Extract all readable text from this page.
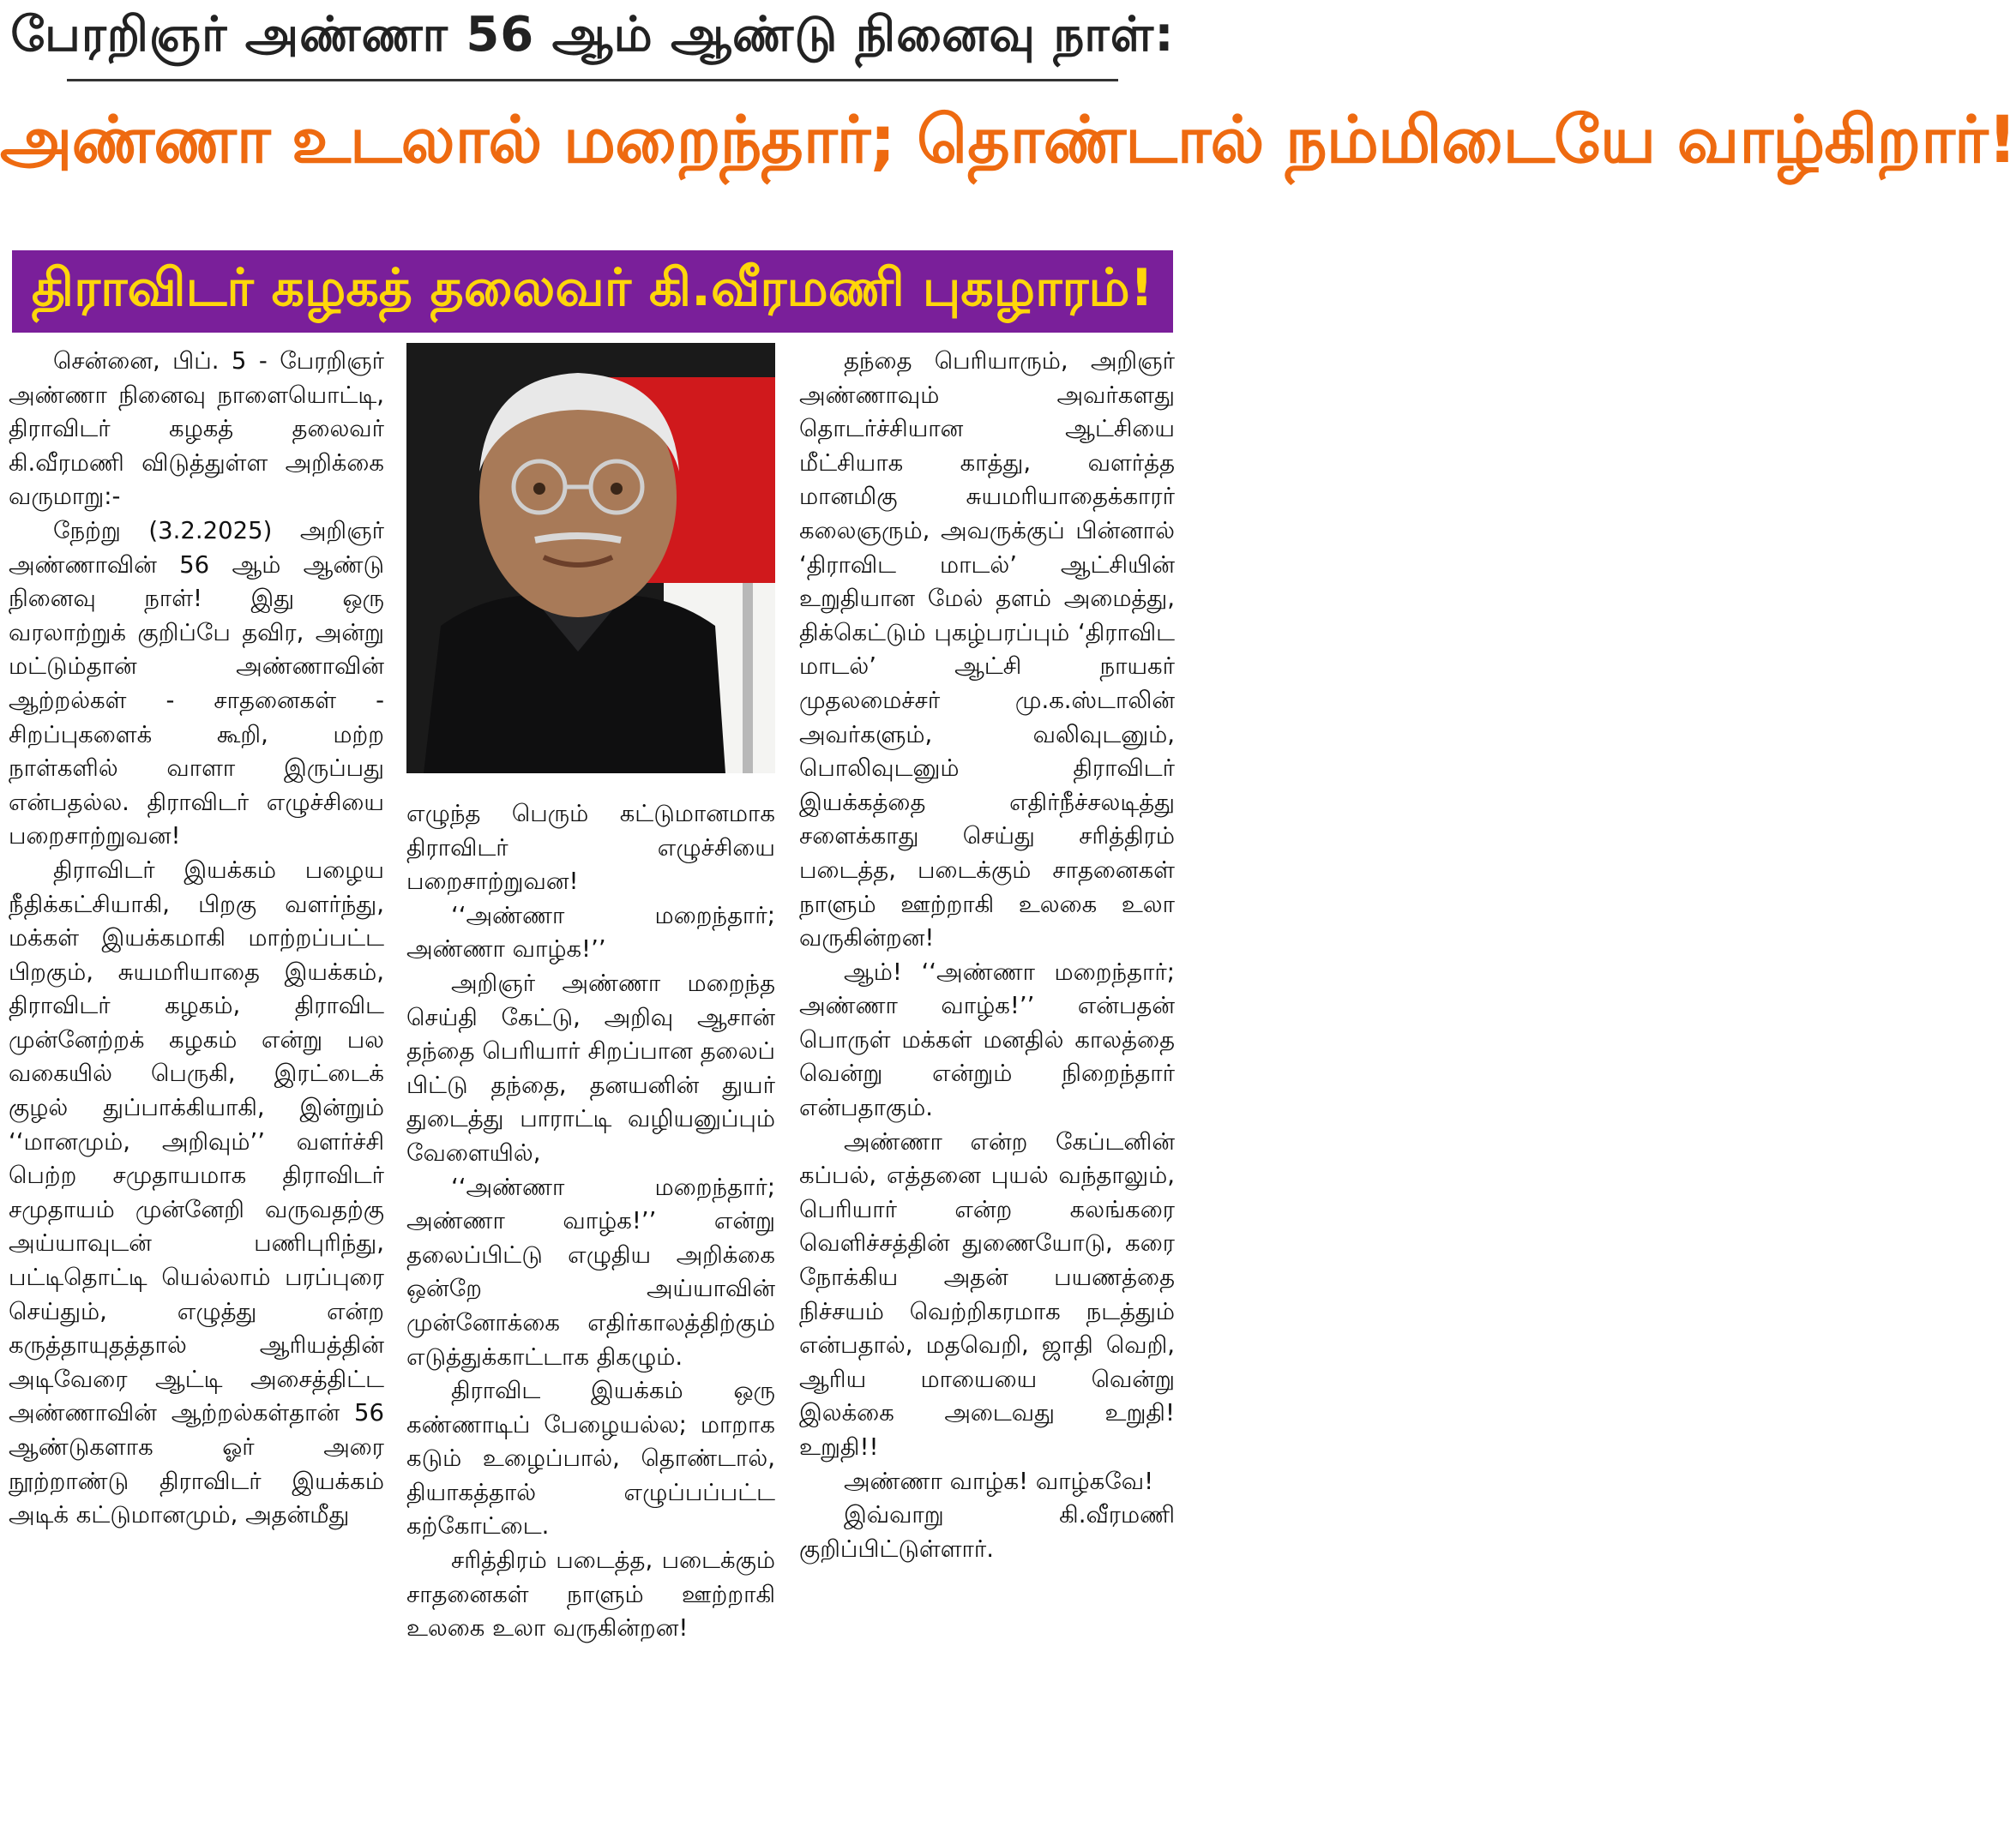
பேரறிஞர் அண்ணா 56 ஆம் ஆண்டு நினைவு நாள்:
அண்ணா உடலால் மறைந்தார்; தொண்டால் நம்மிடையே வாழ்கிறார்!
திராவிடர் கழகத் தலைவர் கி.வீரமணி புகழாரம்!

சென்னை, பிப். 5 - பேரறிஞர் அண்ணா நினைவு நாளையொட்டி, திராவிடர் கழகத் தலைவர் கி.வீரமணி விடுத்துள்ள அறிக்கை வருமாறு:-

நேற்று (3.2.2025) அறிஞர் அண்ணாவின் 56 ஆம் ஆண்டு நினைவு நாள்! இது ஒரு வரலாற்றுக் குறிப்பே தவிர, அன்று மட்டும்தான் அண்ணாவின் ஆற்றல்கள் - சாதனைகள் - சிறப்புகளைக் கூறி, மற்ற நாள்களில் வாளா இருப்பது என்பதல்ல. திராவிடர் எழுச்சியை பறைசாற்றுவன!

திராவிடர் இயக்கம் பழைய நீதிக்கட்சியாகி, பிறகு வளர்ந்து, மக்கள் இயக்கமாகி மாற்றப்பட்ட பிறகும், சுயமரியாதை இயக்கம், திராவிடர் கழகம், திராவிட முன்னேற்றக் கழகம் என்று பல வகையில் பெருகி, இரட்டைக் குழல் துப்பாக்கியாகி, இன்றும் ‘‘மானமும், அறிவும்’’ வளர்ச்சி பெற்ற சமுதாயமாக திராவிடர் சமுதாயம் முன்னேறி வருவதற்கு அய்யாவுடன் பணிபுரிந்து, பட்டிதொட்டி யெல்லாம் பரப்புரை செய்தும், எழுத்து என்ற கருத்தாயுதத்தால் ஆரியத்தின் அடிவேரை ஆட்டி அசைத்திட்ட அண்ணாவின் ஆற்றல்கள்தான் 56 ஆண்டுகளாக ஓர் அரை நூற்றாண்டு திராவிடர் இயக்கம் அடிக் கட்டுமானமும், அதன்மீது

எழுந்த பெரும் கட்டுமானமாக திராவிடர் எழுச்சியை பறைசாற்றுவன!

‘‘அண்ணா மறைந்தார்; அண்ணா வாழ்க!’’

அறிஞர் அண்ணா மறைந்த செய்தி கேட்டு, அறிவு ஆசான் தந்தை பெரியார் சிறப்பான தலைப் பிட்டு தந்தை, தனயனின் துயர் துடைத்து பாராட்டி வழியனுப்பும் வேளையில்,

‘‘அண்ணா மறைந்தார்; அண்ணா வாழ்க!’’ என்று தலைப்பிட்டு எழுதிய அறிக்கை ஒன்றே அய்யாவின் முன்னோக்கை எதிர்காலத்திற்கும் எடுத்துக்காட்டாக திகழும்.

திராவிட இயக்கம் ஒரு கண்ணாடிப் பேழையல்ல; மாறாக கடும் உழைப்பால், தொண்டால், தியாகத்தால் எழுப்பப்பட்ட கற்கோட்டை.

சரித்திரம் படைத்த, படைக்கும் சாதனைகள் நாளும் ஊற்றாகி உலகை உலா வருகின்றன!

தந்தை பெரியாரும், அறிஞர் அண்ணாவும் அவர்களது தொடர்ச்சியான ஆட்சியை மீட்சியாக காத்து, வளர்த்த மானமிகு சுயமரியாதைக்காரர் கலைஞரும், அவருக்குப் பின்னால் ‘திராவிட மாடல்’ ஆட்சியின் உறுதியான மேல் தளம் அமைத்து, திக்கெட்டும் புகழ்பரப்பும் ‘திராவிட மாடல்’ ஆட்சி நாயகர் முதலமைச்சர் மு.க.ஸ்டாலின் அவர்களும், வலிவுடனும், பொலிவுடனும் திராவிடர் இயக்கத்தை எதிர்நீச்சலடித்து சளைக்காது செய்து சரித்திரம் படைத்த, படைக்கும் சாதனைகள் நாளும் ஊற்றாகி உலகை உலா வருகின்றன!

ஆம்! ‘‘அண்ணா மறைந்தார்; அண்ணா வாழ்க!’’ என்பதன் பொருள் மக்கள் மனதில் காலத்தை வென்று என்றும் நிறைந்தார் என்பதாகும்.

அண்ணா என்ற கேப்டனின் கப்பல், எத்தனை புயல் வந்தாலும், பெரியார் என்ற கலங்கரை வெளிச்சத்தின் துணையோடு, கரை நோக்கிய அதன் பயணத்தை நிச்சயம் வெற்றிகரமாக நடத்தும் என்பதால், மதவெறி, ஜாதி வெறி, ஆரிய மாயையை வென்று இலக்கை அடைவது உறுதி! உறுதி!!

அண்ணா வாழ்க! வாழ்கவே!

இவ்வாறு கி.வீரமணி குறிப்பிட்டுள்ளார்.
